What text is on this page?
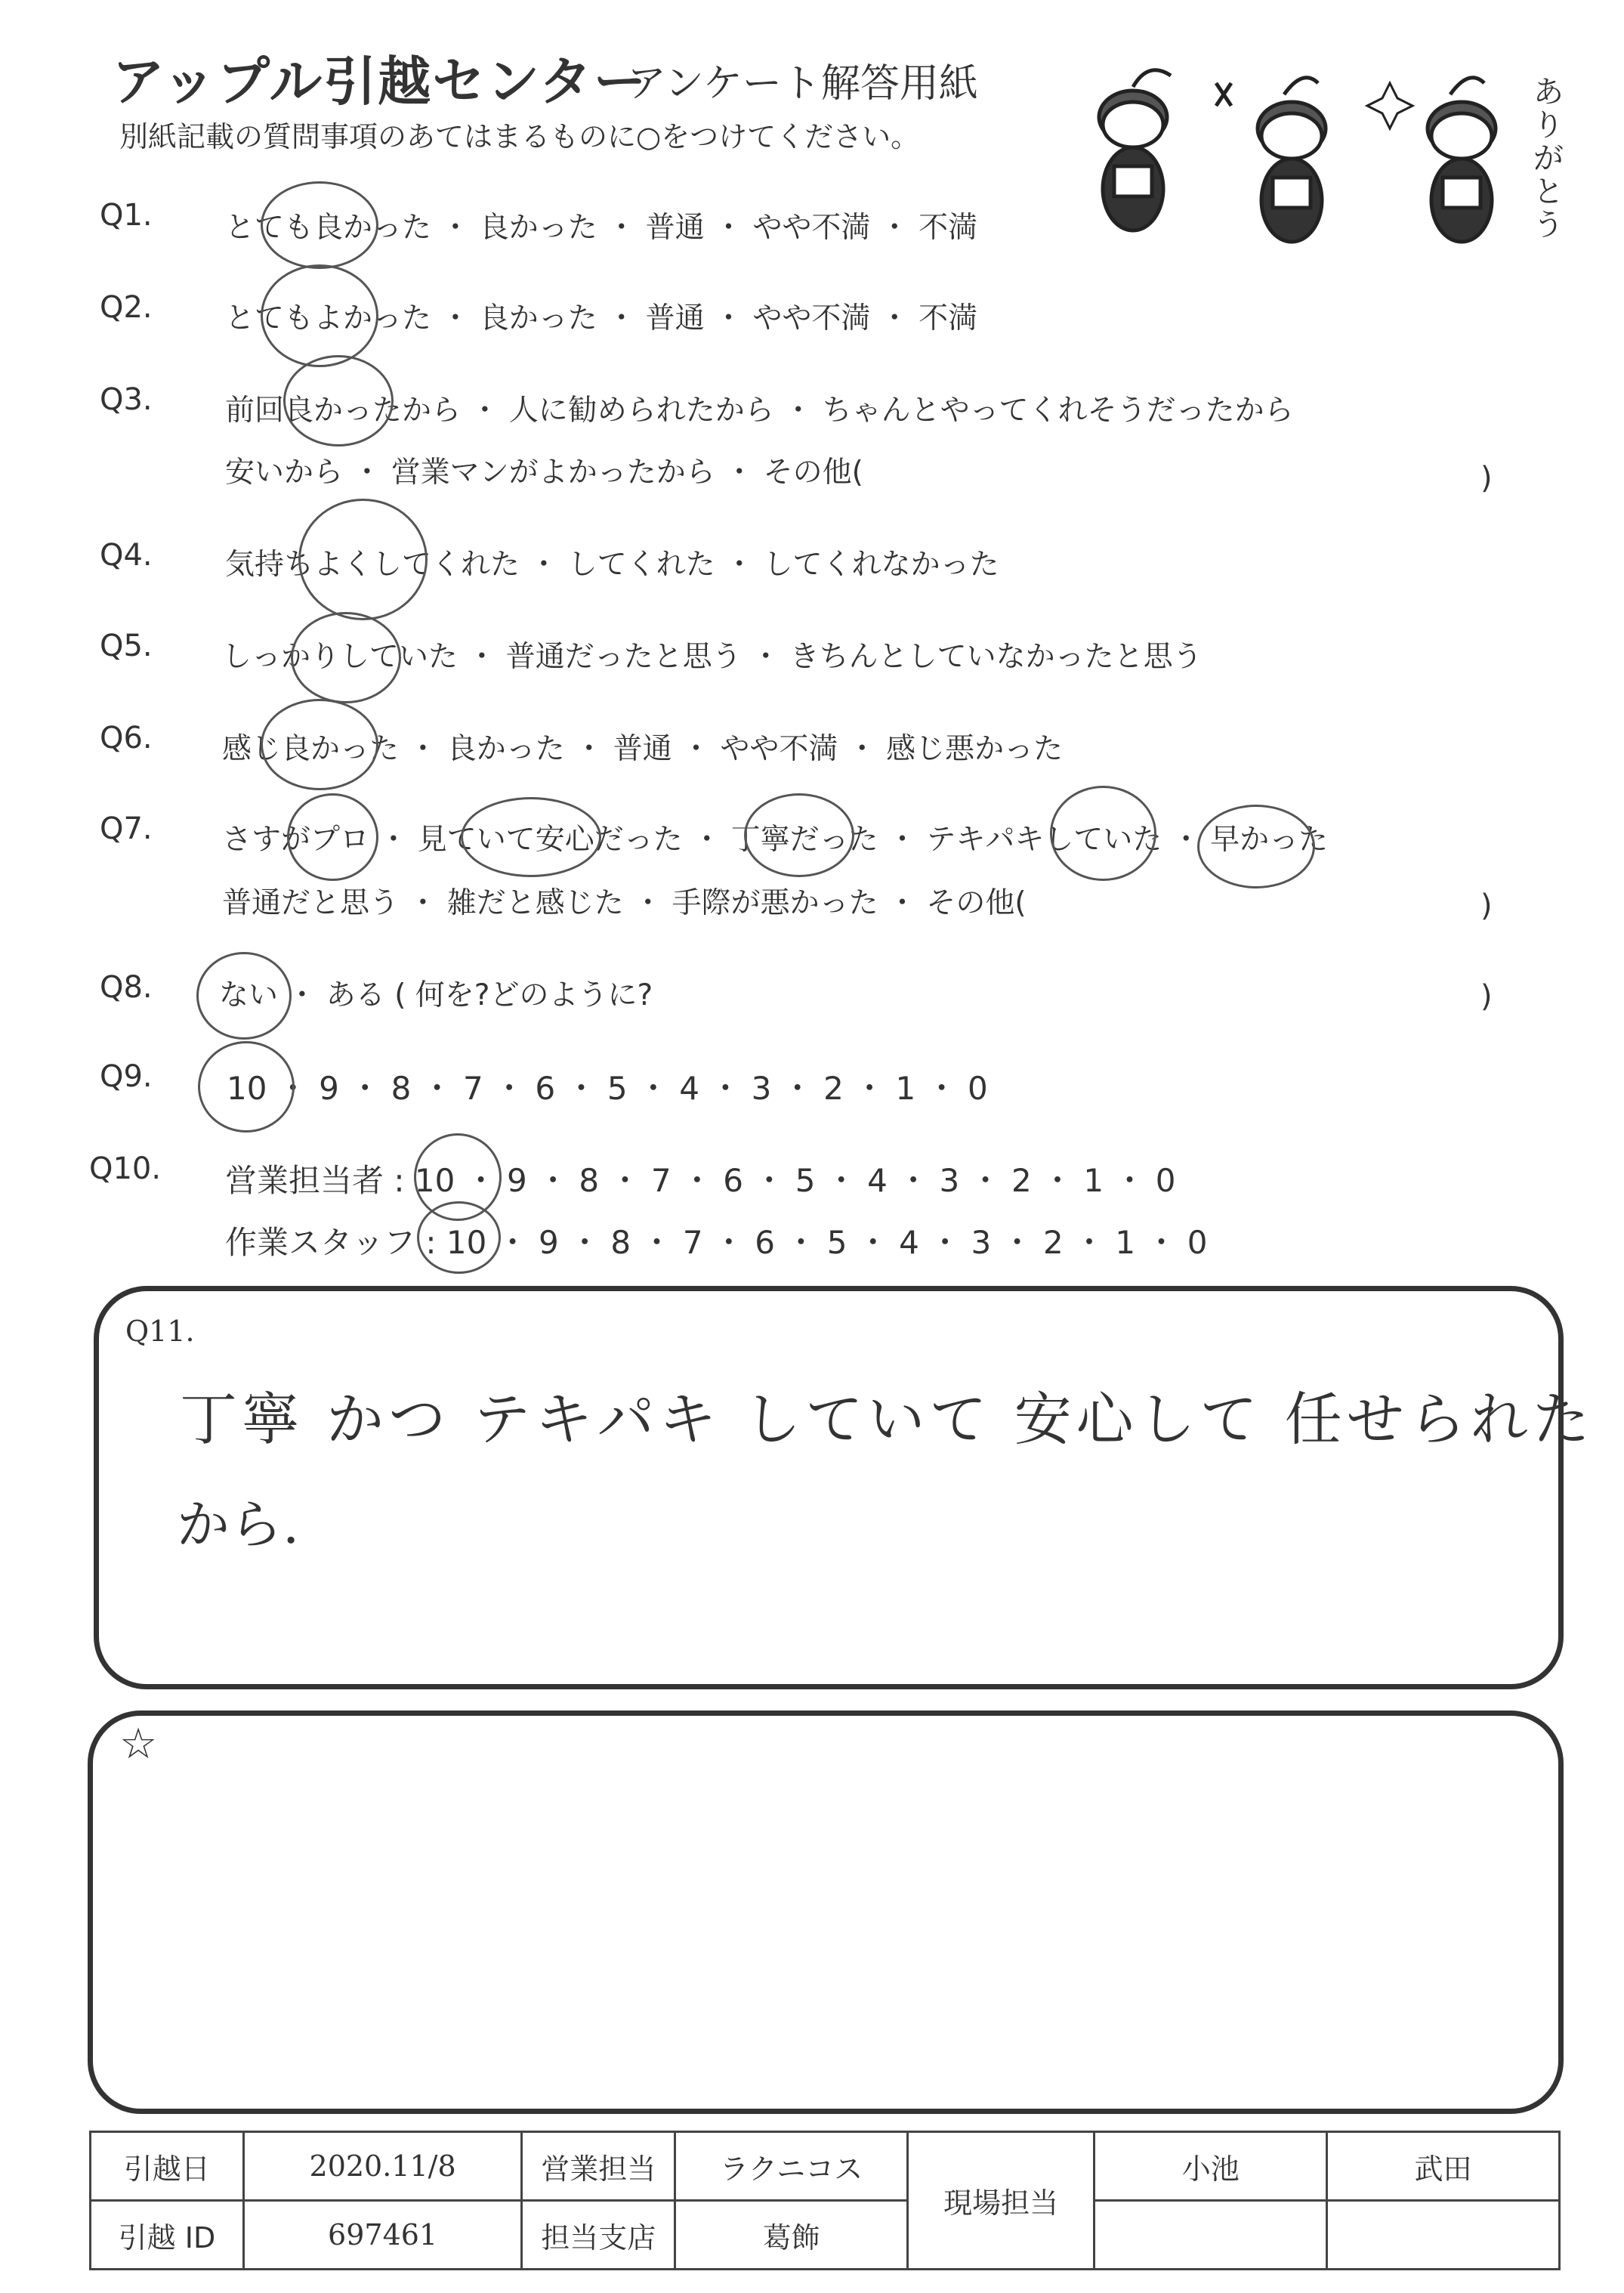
アップル引越センター
アンケート解答用紙
別紙記載の質問事項のあてはまるものに○をつけてください。
ありがとう
Q1. とても良かった ・ 良かった ・ 普通 ・ やや不満 ・ 不満
Q2. とてもよかった ・ 良かった ・ 普通 ・ やや不満 ・ 不満
Q3. 前回良かったから ・ 人に勧められたから ・ ちゃんとやってくれそうだったから
安いから ・ 営業マンがよかったから ・ その他(	)
Q4. 気持ちよくしてくれた ・ してくれた ・ してくれなかった
Q5. しっかりしていた ・ 普通だったと思う ・ きちんとしていなかったと思う
Q6. 感じ良かった ・ 良かった ・ 普通 ・ やや不満 ・ 感じ悪かった
Q7. さすがプロ ・ 見ていて安心だった ・ 丁寧だった ・ テキパキしていた ・ 早かった
普通だと思う ・ 雑だと感じた ・ 手際が悪かった ・ その他(	)
Q8. ない ・ ある ( 何を?どのように?	)
Q9. 10 ・ 9 ・ 8 ・ 7 ・ 6 ・ 5 ・ 4 ・ 3 ・ 2 ・ 1 ・ 0
Q10. 営業担当者 : 10 ・ 9 ・ 8 ・ 7 ・ 6 ・ 5 ・ 4 ・ 3 ・ 2 ・ 1 ・ 0
作業スタッフ : 10 ・ 9 ・ 8 ・ 7 ・ 6 ・ 5 ・ 4 ・ 3 ・ 2 ・ 1 ・ 0
Q11.
丁寧 かつ テキパキ していて 安心して 任せられた
から.
☆
引越日	2020.11/8	営業担当	ラクニコス	現場担当	小池	武田
引越 ID	697461	担当支店	葛飾			
